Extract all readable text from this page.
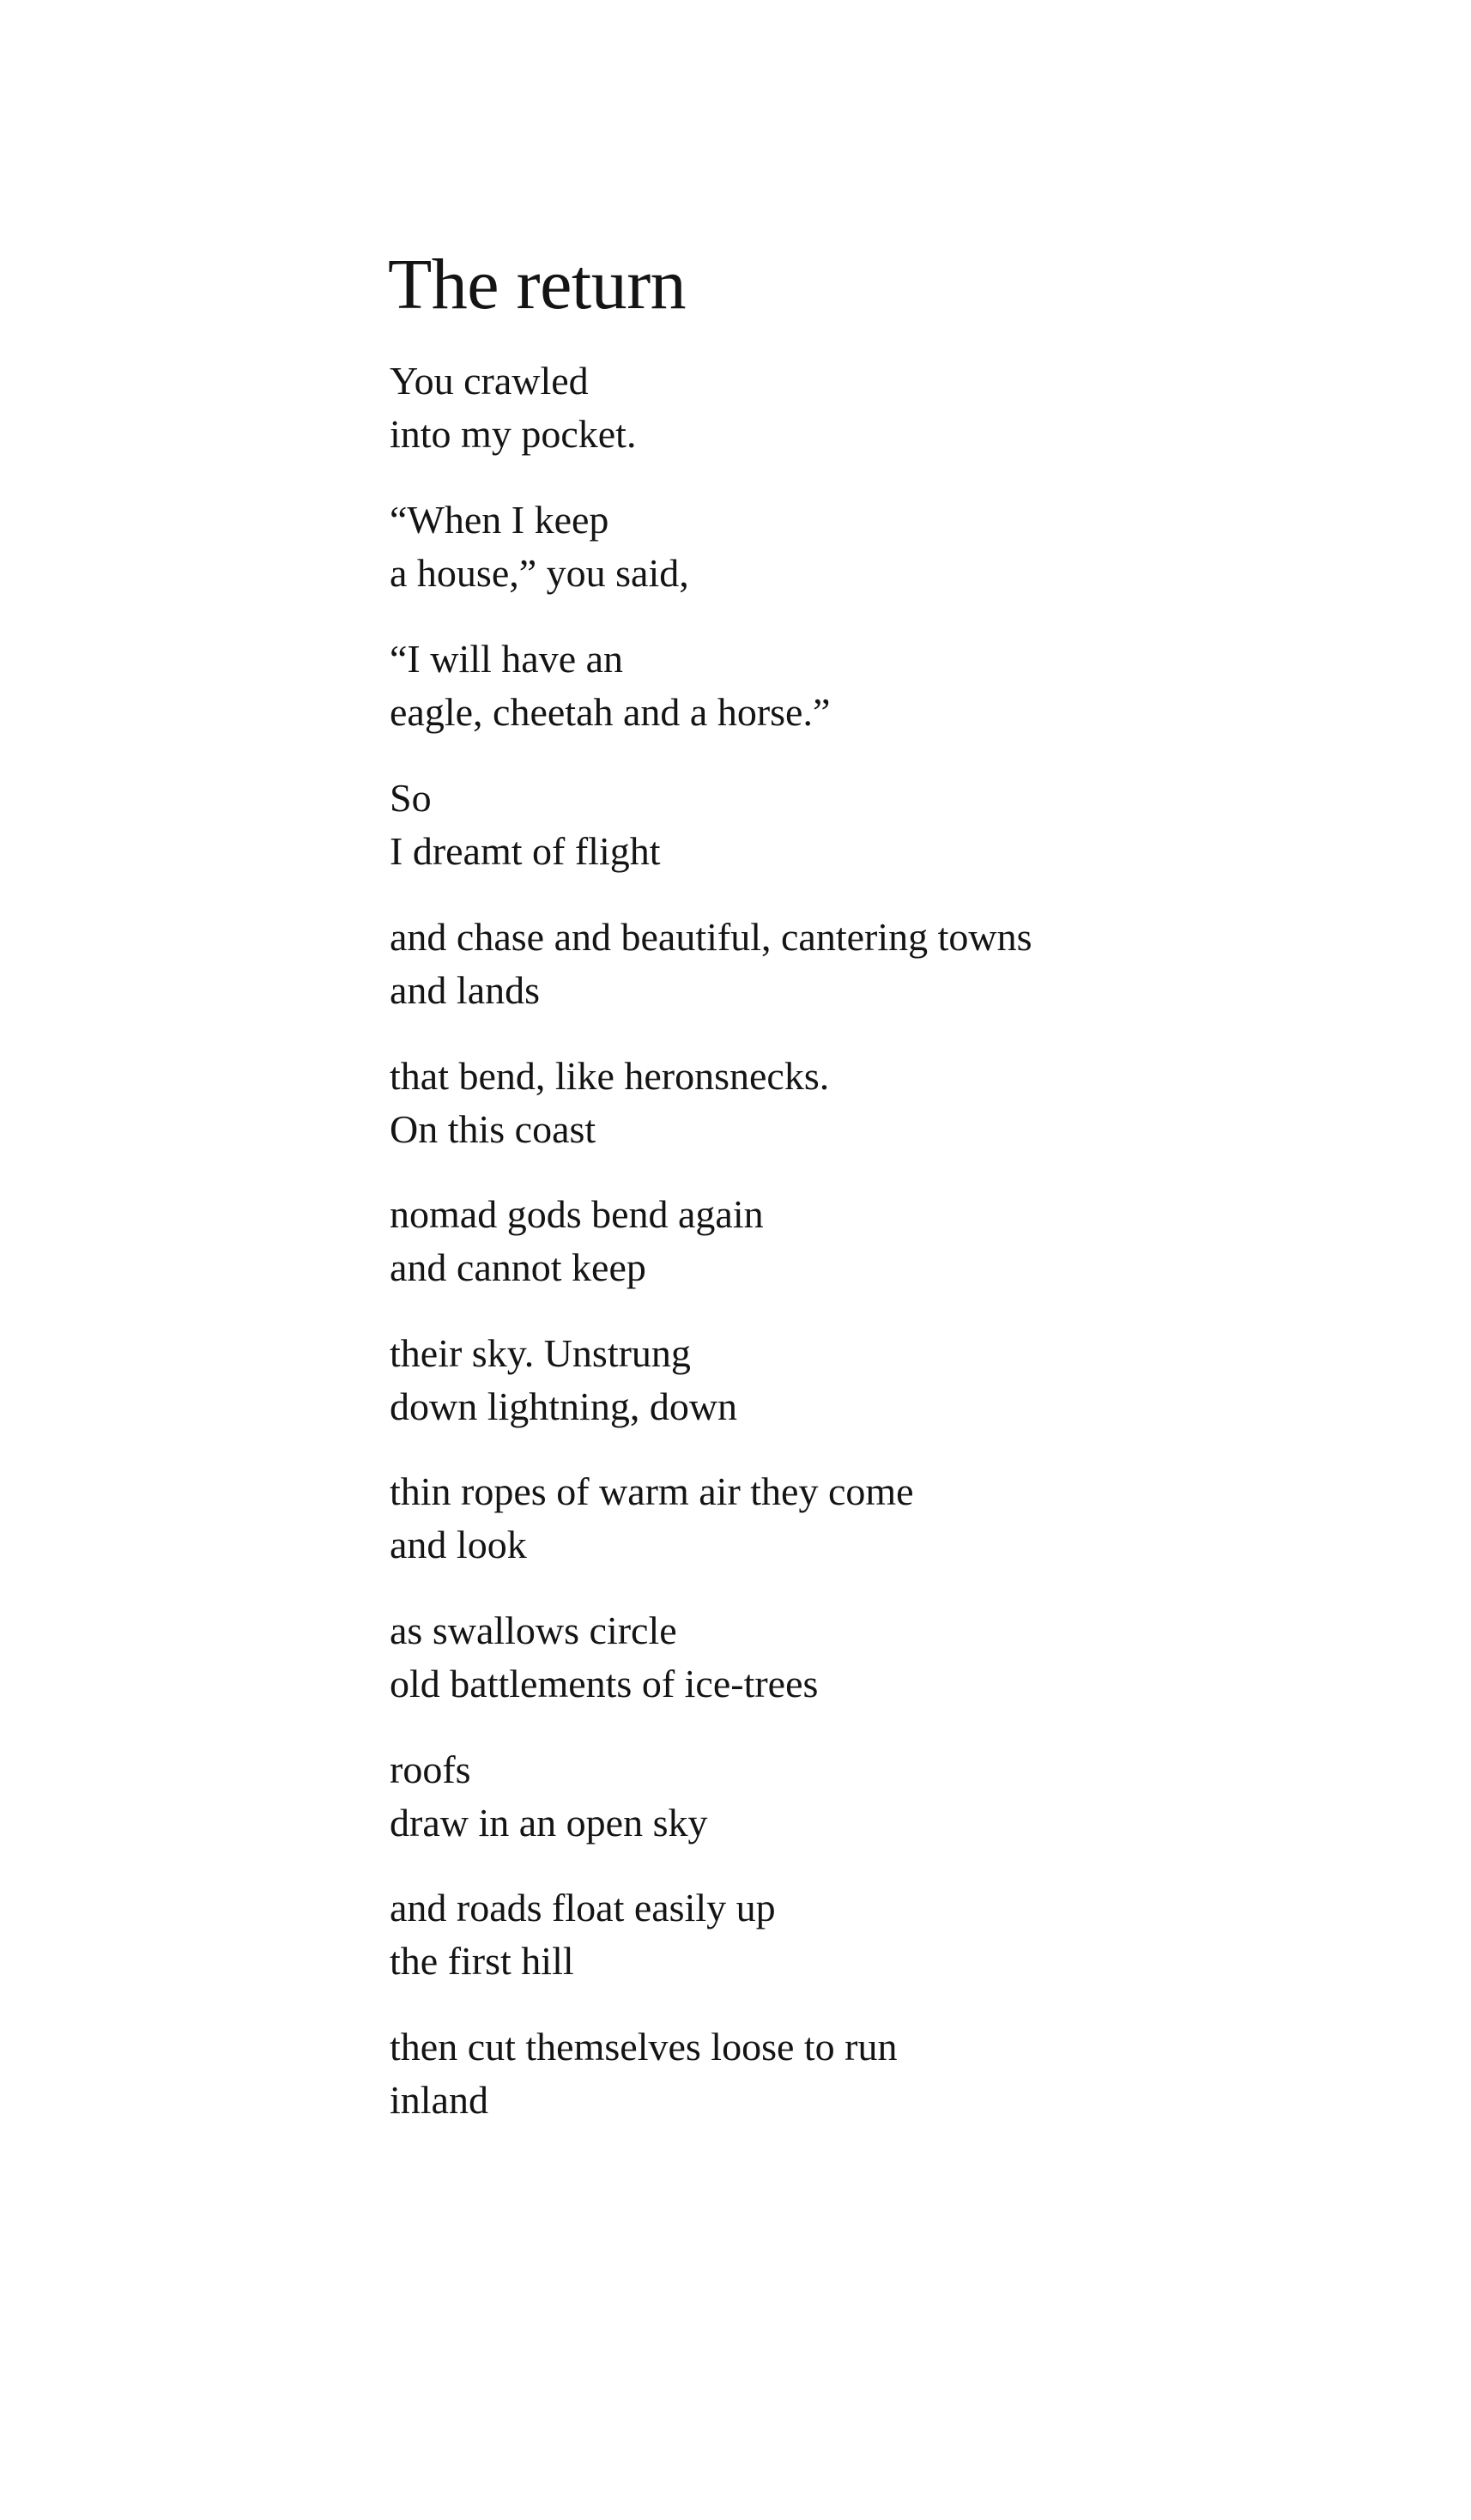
The return

You crawled
into my pocket.

“When I keep
a house,” you said,

“I will have an
eagle, cheetah and a horse.”

So
I dreamt of flight

and chase and beautiful, cantering towns
and lands

that bend, like heronsnecks.
On this coast

nomad gods bend again
and cannot keep

their sky. Unstrung
down lightning, down

thin ropes of warm air they come
and look

as swallows circle
old battlements of ice-trees

roofs
draw in an open sky

and roads float easily up
the first hill

then cut themselves loose to run
inland
